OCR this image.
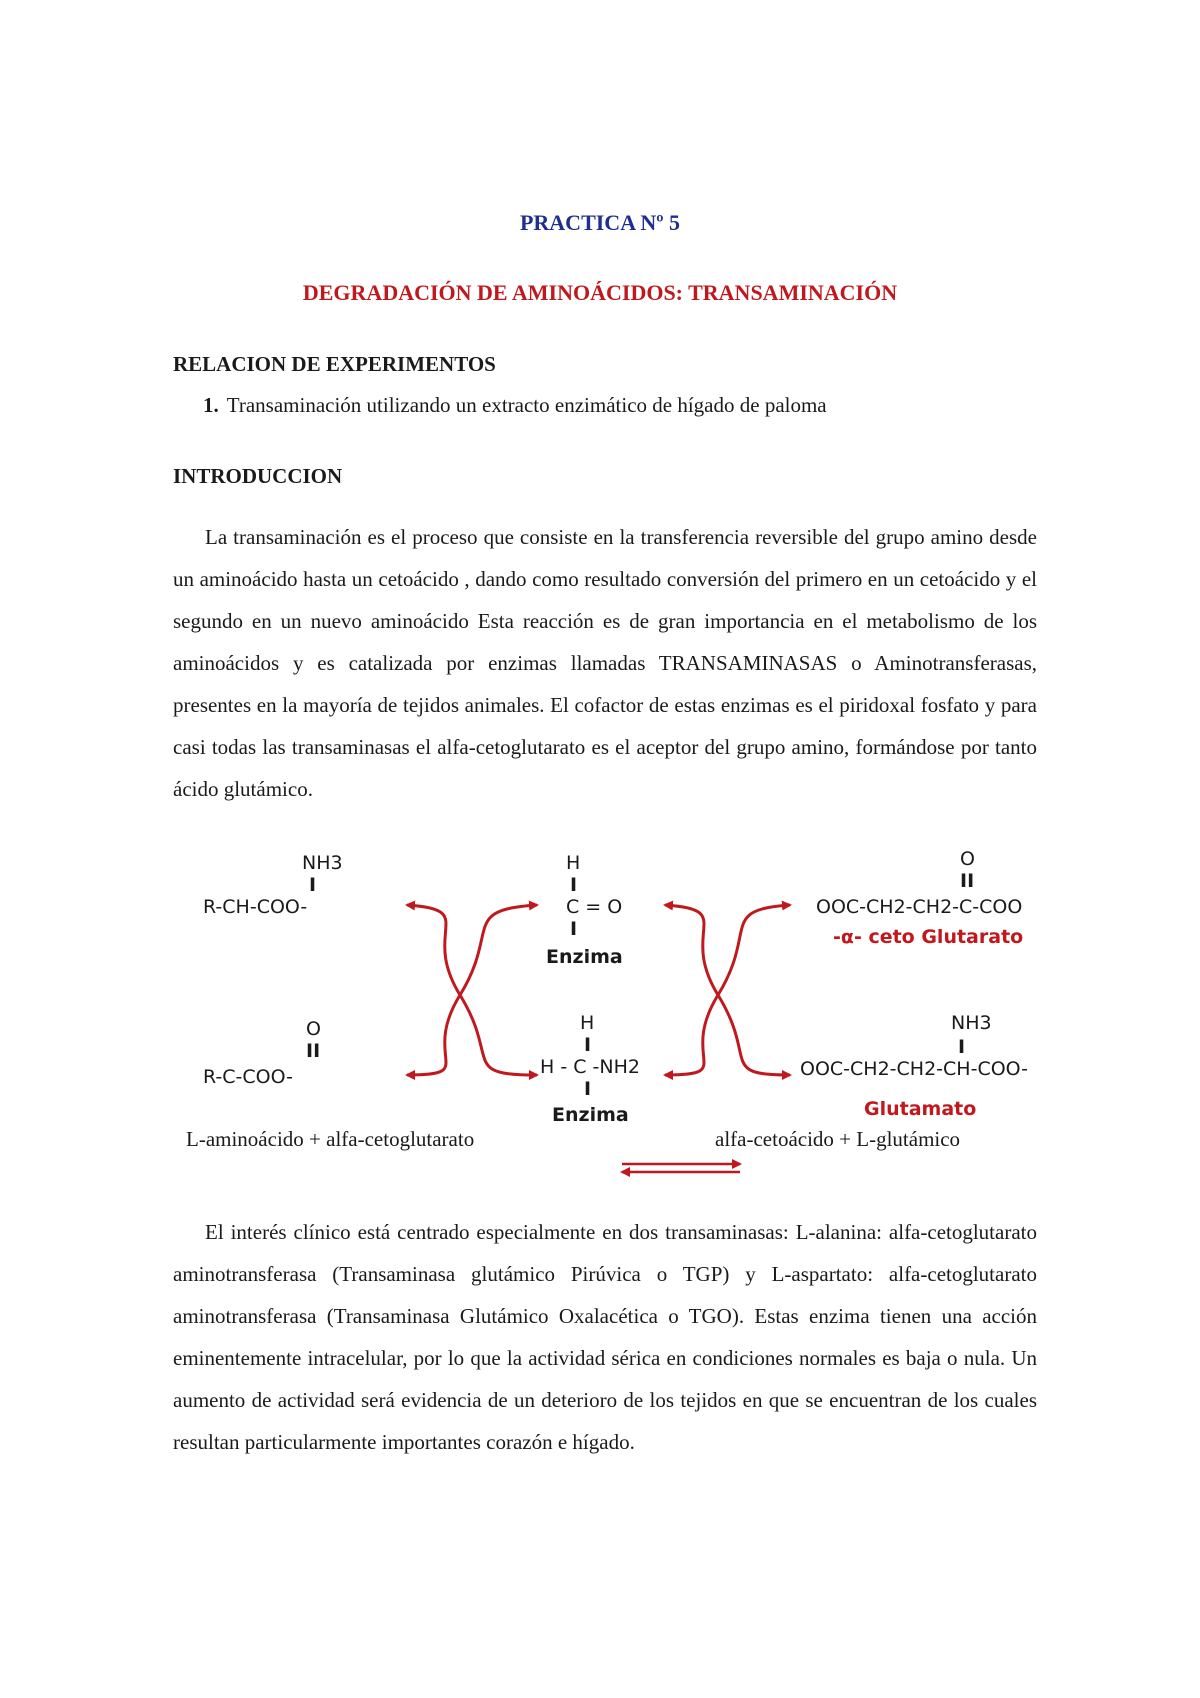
PRACTICA Nº 5
DEGRADACIÓN DE AMINOÁCIDOS: TRANSAMINACIÓN
RELACION DE EXPERIMENTOS
1. Transaminación utilizando un extracto enzimático de hígado de paloma
INTRODUCCION

La transaminación es el proceso que consiste en la transferencia reversible del grupo amino desde un aminoácido hasta un cetoácido , dando como resultado conversión del primero en un cetoácido y el segundo en un nuevo aminoácido Esta reacción es de gran importancia en el metabolismo de los aminoácidos y es catalizada por enzimas llamadas TRANSAMINASAS o Aminotransferasas, presentes en la mayoría de tejidos animales. El cofactor de estas enzimas es el piridoxal fosfato y para casi todas las transaminasas el alfa-cetoglutarato es el aceptor del grupo amino, formándose por tanto ácido glutámico.

NH3
I
R-CH-COO-
O
II
R-C-COO-
H
I
C = O
I
Enzima
H
I
H - C -NH2
I
Enzima
O
II
OOC-CH2-CH2-C-COO
-α- ceto Glutarato
NH3
I
OOC-CH2-CH2-CH-COO-
Glutamato
L-aminoácido + alfa-cetoglutarato	alfa-cetoácido + L-glutámico

El interés clínico está centrado especialmente en dos transaminasas: L-alanina: alfa-cetoglutarato aminotransferasa (Transaminasa glutámico Pirúvica o TGP) y L-aspartato: alfa-cetoglutarato aminotransferasa (Transaminasa Glutámico Oxalacética o TGO). Estas enzima tienen una acción eminentemente intracelular, por lo que la actividad sérica en condiciones normales es baja o nula. Un aumento de actividad será evidencia de un deterioro de los tejidos en que se encuentran de los cuales resultan particularmente importantes corazón e hígado.
